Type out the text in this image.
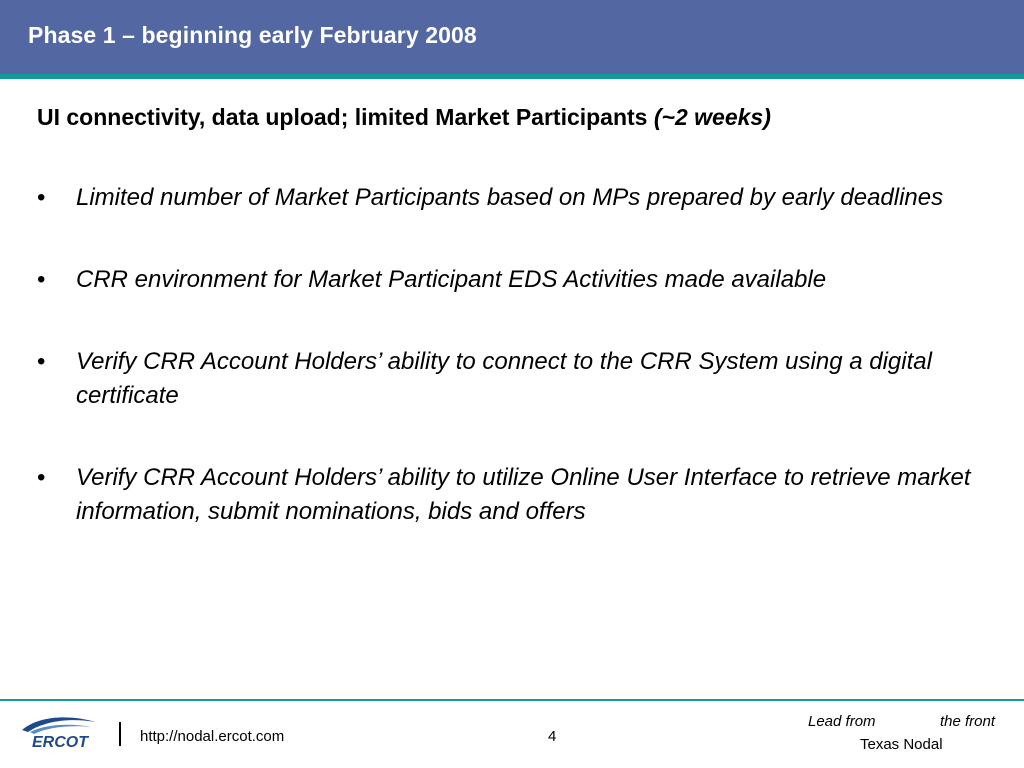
Phase 1 – beginning early February 2008
UI connectivity, data upload; limited Market Participants (~2 weeks)
• Limited number of Market Participants based on MPs prepared by early deadlines
• CRR environment for Market Participant EDS Activities made available
• Verify CRR Account Holders’ ability to connect to the CRR System using a digital certificate
• Verify CRR Account Holders’ ability to utilize Online User Interface to retrieve market information, submit nominations, bids and offers
ERCOT	http://nodal.ercot.com	4
Lead from	the front
Texas Nodal
